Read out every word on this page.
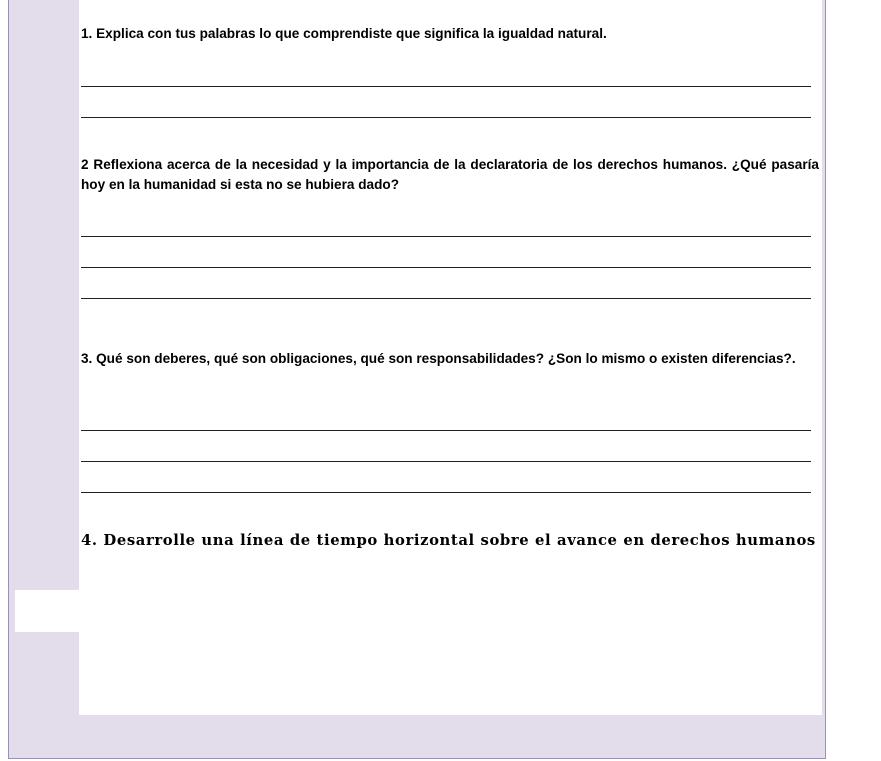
1. Explica con tus palabras lo que comprendiste que significa la igualdad natural.

2 Reflexiona acerca de la necesidad y la importancia de la declaratoria de los derechos humanos. ¿Qué pasaría hoy en la humanidad si esta no se hubiera dado?

3. Qué son deberes, qué son obligaciones, qué son responsabilidades? ¿Son lo mismo o existen diferencias?.

4. Desarrolle una línea de tiempo horizontal sobre el avance en derechos humanos
